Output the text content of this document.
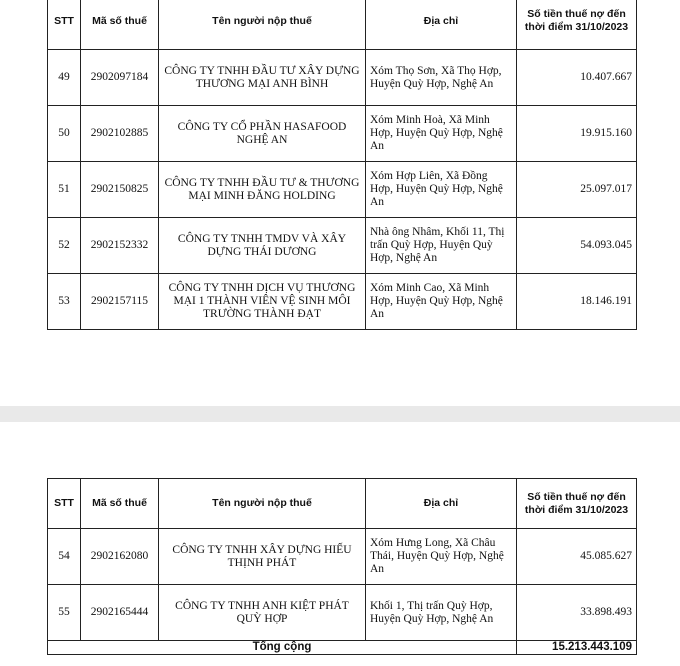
STT	Mã số thuế	Tên người nộp thuế	Địa chỉ	Số tiền thuế nợ đến thời điểm 31/10/2023
49	2902097184	CÔNG TY TNHH ĐẦU TƯ XÂY DỰNG THƯƠNG MẠI ANH BÌNH	Xóm Thọ Sơn, Xã Thọ Hợp, Huyện Quỳ Hợp, Nghệ An	10.407.667
50	2902102885	CÔNG TY CỔ PHẦN HASAFOOD NGHỆ AN	Xóm Minh Hoà, Xã Minh Hợp, Huyện Quỳ Hợp, Nghệ An	19.915.160
51	2902150825	CÔNG TY TNHH ĐẦU TƯ & THƯƠNG MẠI MINH ĐĂNG HOLDING	Xóm Hợp Liên, Xã Đồng Hợp, Huyện Quỳ Hợp, Nghệ An	25.097.017
52	2902152332	CÔNG TY TNHH TMDV VÀ XÂY DỰNG THÁI DƯƠNG	Nhà ông Nhâm, Khối 11, Thị trấn Quỳ Hợp, Huyện Quỳ Hợp, Nghệ An	54.093.045
53	2902157115	CÔNG TY TNHH DỊCH VỤ THƯƠNG MẠI 1 THÀNH VIÊN VỆ SINH MÔI TRƯỜNG THÀNH ĐẠT	Xóm Minh Cao, Xã Minh Hợp, Huyện Quỳ Hợp, Nghệ An	18.146.191
STT	Mã số thuế	Tên người nộp thuế	Địa chỉ	Số tiền thuế nợ đến thời điểm 31/10/2023
54	2902162080	CÔNG TY TNHH XÂY DỰNG HIẾU THỊNH PHÁT	Xóm Hưng Long, Xã Châu Thái, Huyện Quỳ Hợp, Nghệ An	45.085.627
55	2902165444	CÔNG TY TNHH ANH KIỆT PHÁT QUỲ HỢP	Khối 1, Thị trấn Quỳ Hợp, Huyện Quỳ Hợp, Nghệ An	33.898.493
Tổng cộng				15.213.443.109
